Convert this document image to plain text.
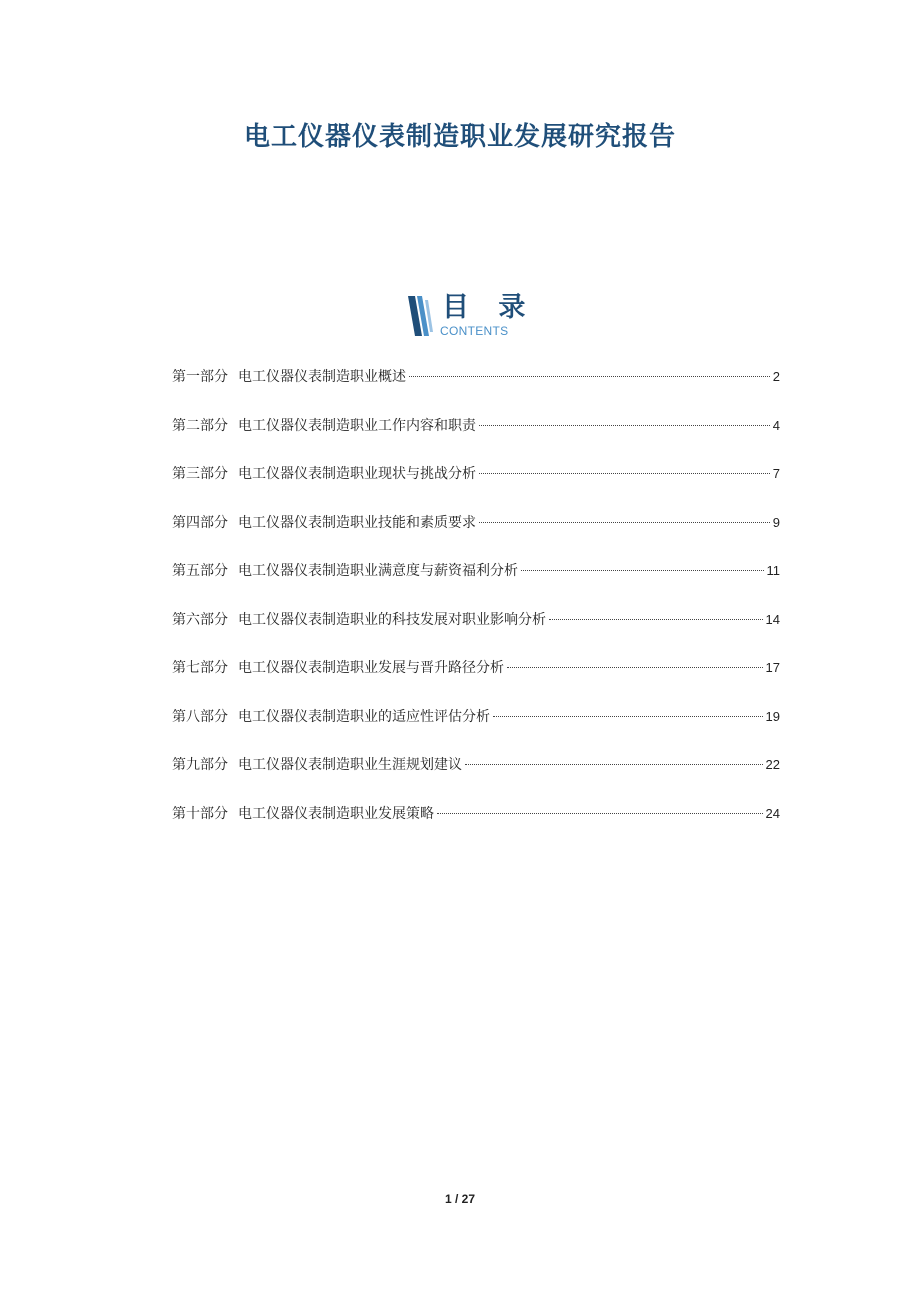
电工仪器仪表制造职业发展研究报告
目 录
CONTENTS
第一部分 电工仪器仪表制造职业概述	2
第二部分 电工仪器仪表制造职业工作内容和职责	4
第三部分 电工仪器仪表制造职业现状与挑战分析	7
第四部分 电工仪器仪表制造职业技能和素质要求	9
第五部分 电工仪器仪表制造职业满意度与薪资福利分析	11
第六部分 电工仪器仪表制造职业的科技发展对职业影响分析	14
第七部分 电工仪器仪表制造职业发展与晋升路径分析	17
第八部分 电工仪器仪表制造职业的适应性评估分析	19
第九部分 电工仪器仪表制造职业生涯规划建议	22
第十部分 电工仪器仪表制造职业发展策略	24
1 / 27
